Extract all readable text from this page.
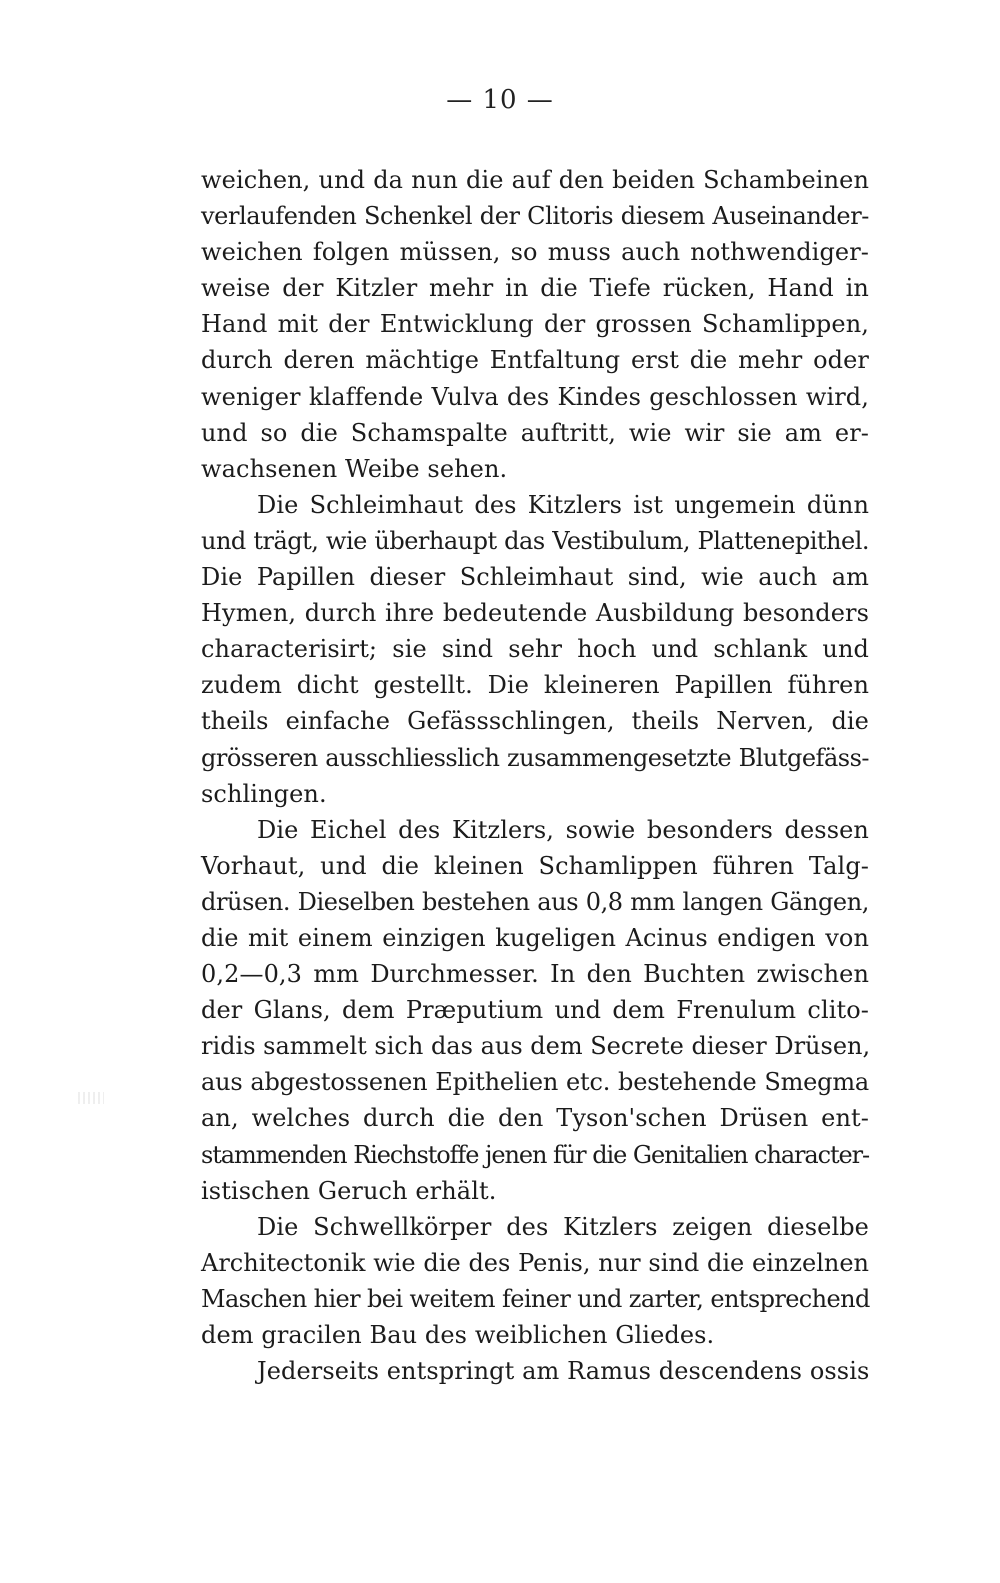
— 10 —
weichen, und da nun die auf den beiden Schambeinen
verlaufenden Schenkel der Clitoris diesem Auseinander-
weichen folgen müssen, so muss auch nothwendiger-
weise der Kitzler mehr in die Tiefe rücken, Hand in
Hand mit der Entwicklung der grossen Schamlippen,
durch deren mächtige Entfaltung erst die mehr oder
weniger klaffende Vulva des Kindes geschlossen wird,
und so die Schamspalte auftritt, wie wir sie am er-
wachsenen Weibe sehen.
Die Schleimhaut des Kitzlers ist ungemein dünn
und trägt, wie überhaupt das Vestibulum, Plattenepithel.
Die Papillen dieser Schleimhaut sind, wie auch am
Hymen, durch ihre bedeutende Ausbildung besonders
characterisirt; sie sind sehr hoch und schlank und
zudem dicht gestellt. Die kleineren Papillen führen
theils einfache Gefässschlingen, theils Nerven, die
grösseren ausschliesslich zusammengesetzte Blutgefäss-
schlingen.
Die Eichel des Kitzlers, sowie besonders dessen
Vorhaut, und die kleinen Schamlippen führen Talg-
drüsen. Dieselben bestehen aus 0,8 mm langen Gängen,
die mit einem einzigen kugeligen Acinus endigen von
0,2—0,3 mm Durchmesser. In den Buchten zwischen
der Glans, dem Præputium und dem Frenulum clito-
ridis sammelt sich das aus dem Secrete dieser Drüsen,
aus abgestossenen Epithelien etc. bestehende Smegma
an, welches durch die den Tyson'schen Drüsen ent-
stammenden Riechstoffe jenen für die Genitalien character-
istischen Geruch erhält.
Die Schwellkörper des Kitzlers zeigen dieselbe
Architectonik wie die des Penis, nur sind die einzelnen
Maschen hier bei weitem feiner und zarter, entsprechend
dem gracilen Bau des weiblichen Gliedes.
Jederseits entspringt am Ramus descendens ossis
